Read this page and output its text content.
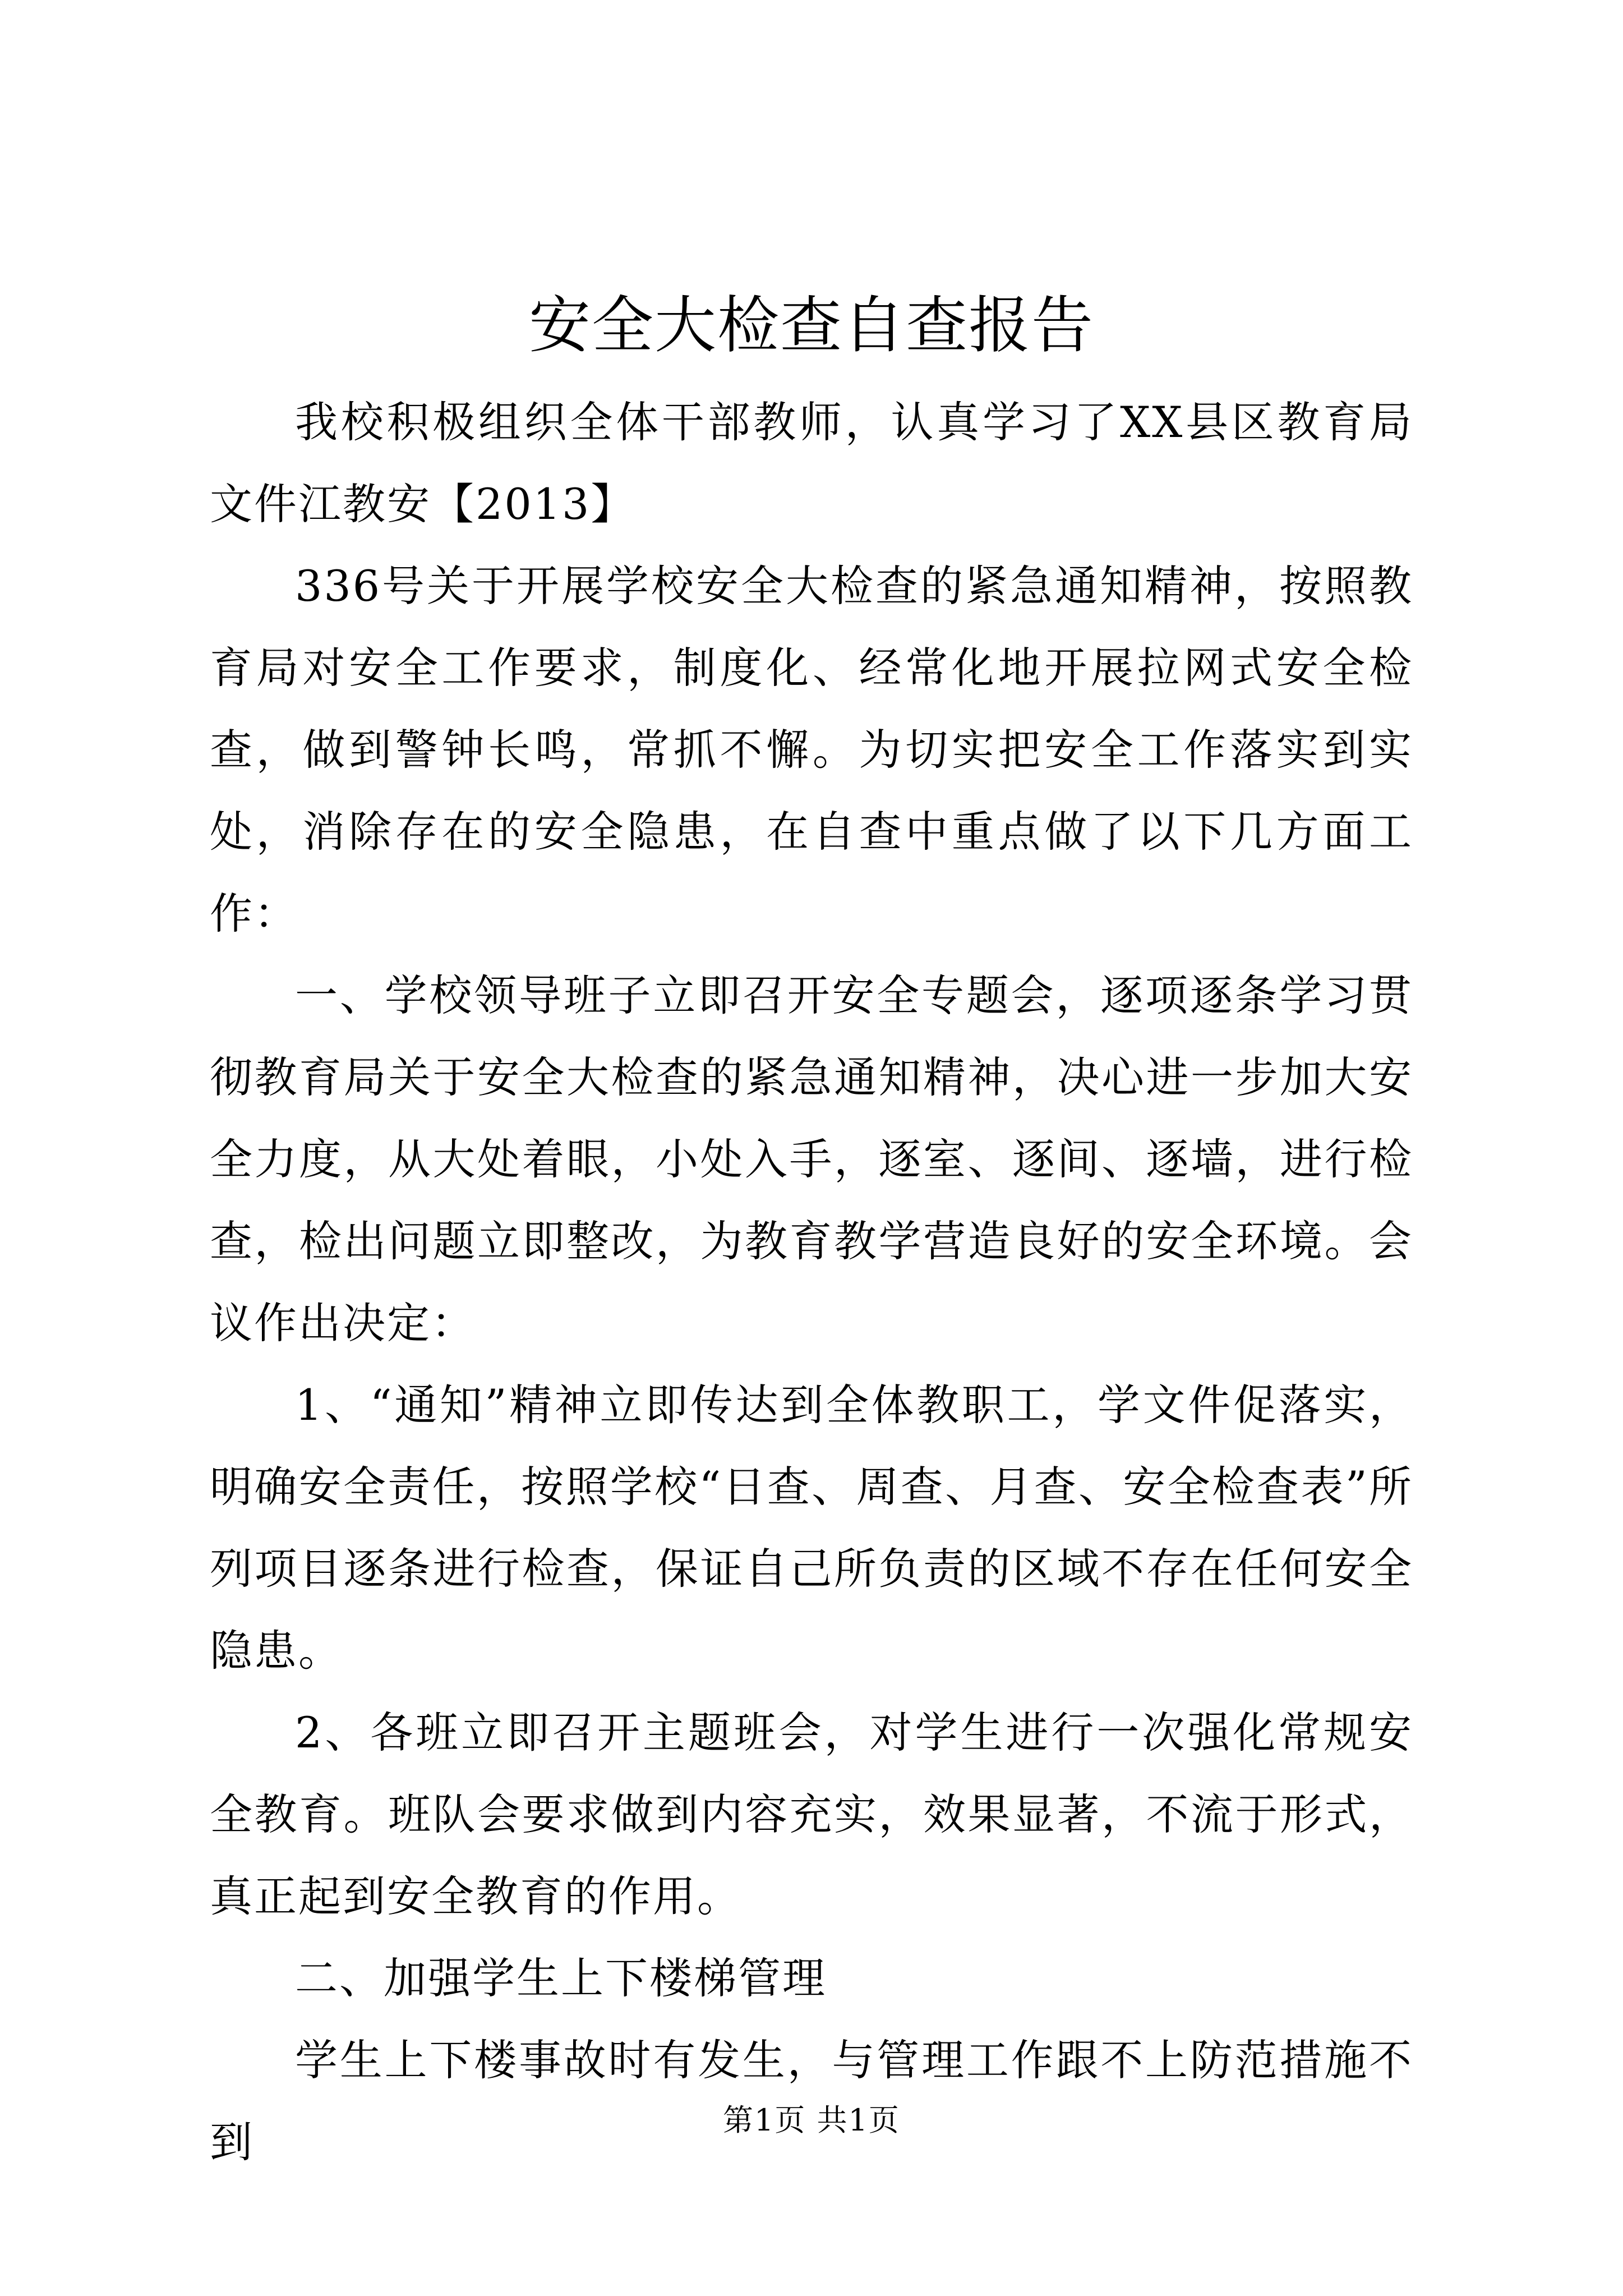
安全大检查自查报告

我校积极组织全体干部教师，认真学习了XX县区教育局文件江教安【2013】

336号关于开展学校安全大检查的紧急通知精神，按照教育局对安全工作要求，制度化、经常化地开展拉网式安全检查，做到警钟长鸣，常抓不懈。为切实把安全工作落实到实处，消除存在的安全隐患，在自查中重点做了以下几方面工作：

一、学校领导班子立即召开安全专题会，逐项逐条学习贯彻教育局关于安全大检查的紧急通知精神，决心进一步加大安全力度，从大处着眼，小处入手，逐室、逐间、逐墙，进行检查，检出问题立即整改，为教育教学营造良好的安全环境。会议作出决定：

1、“通知”精神立即传达到全体教职工，学文件促落实，明确安全责任，按照学校“日查、周查、月查、安全检查表”所列项目逐条进行检查，保证自己所负责的区域不存在任何安全隐患。

2、各班立即召开主题班会，对学生进行一次强化常规安全教育。班队会要求做到内容充实，效果显著，不流于形式，真正起到安全教育的作用。

二、加强学生上下楼梯管理

学生上下楼事故时有发生，与管理工作跟不上防范措施不到	第1页 共1页
